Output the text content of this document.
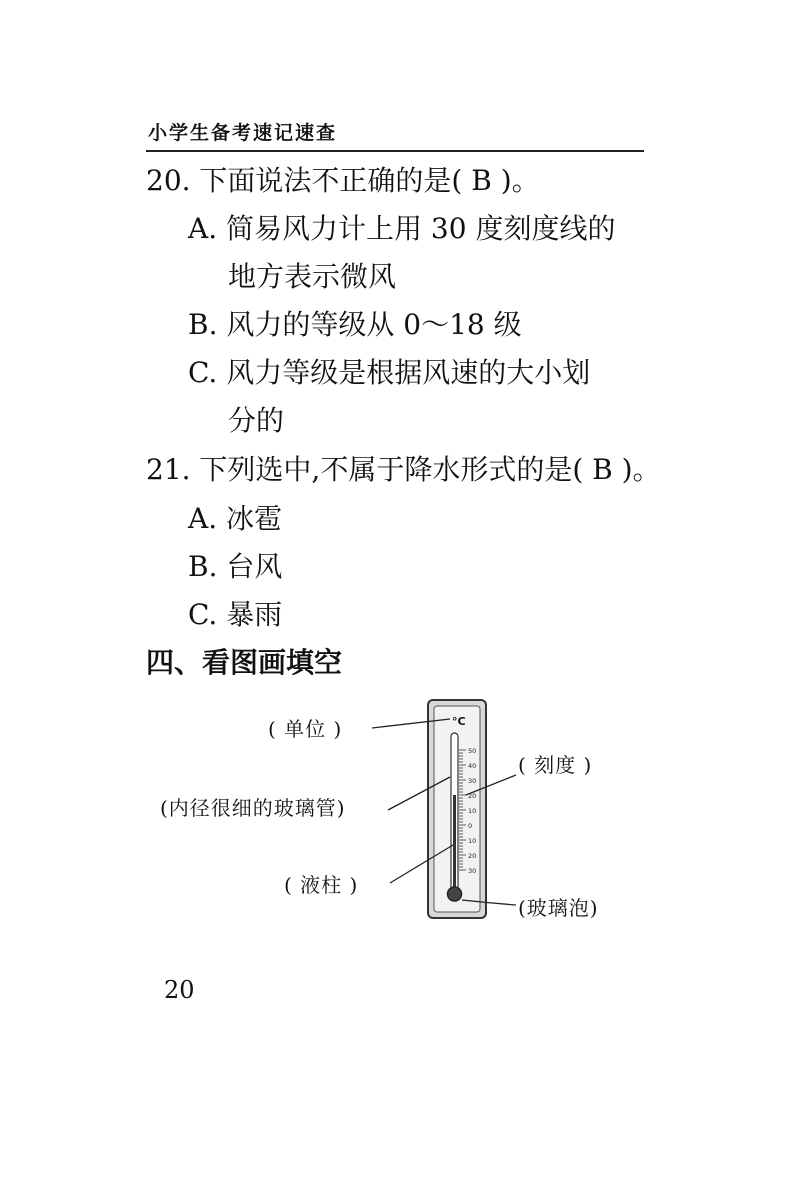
小学生备考速记速查
20. 下面说法不正确的是( B )。
A. 简易风力计上用 30 度刻度线的
地方表示微风
B. 风力的等级从 0～18 级
C. 风力等级是根据风速的大小划
分的
21. 下列选中,不属于降水形式的是( B )。
A. 冰雹
B. 台风
C. 暴雨
四、看图画填空
°C
50
40
30
20
10
0
10
20
30
( 单位 )
( 刻度 )
(内径很细的玻璃管)
( 液柱 )
(玻璃泡)
20
